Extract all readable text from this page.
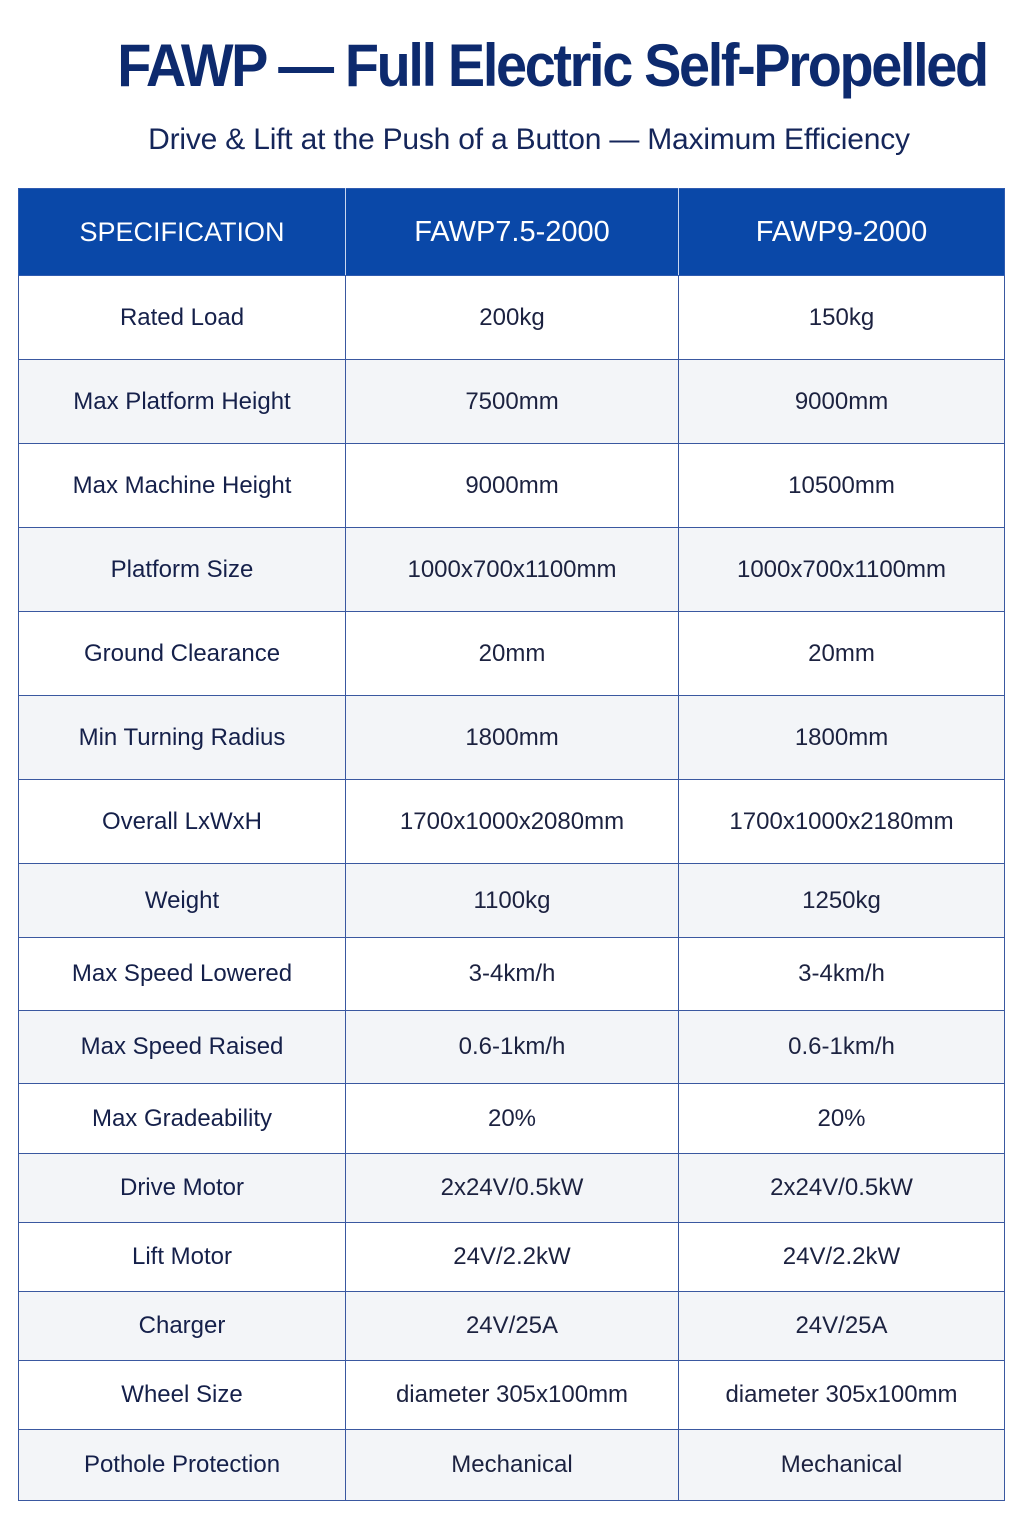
FAWP — Full Electric Self-Propelled
Drive & Lift at the Push of a Button — Maximum Efficiency
SPECIFICATION	FAWP7.5-2000	FAWP9-2000
Rated Load	200kg	150kg
Max Platform Height	7500mm	9000mm
Max Machine Height	9000mm	10500mm
Platform Size	1000x700x1100mm	1000x700x1100mm
Ground Clearance	20mm	20mm
Min Turning Radius	1800mm	1800mm
Overall LxWxH	1700x1000x2080mm	1700x1000x2180mm
Weight	1100kg	1250kg
Max Speed Lowered	3-4km/h	3-4km/h
Max Speed Raised	0.6-1km/h	0.6-1km/h
Max Gradeability	20%	20%
Drive Motor	2x24V/0.5kW	2x24V/0.5kW
Lift Motor	24V/2.2kW	24V/2.2kW
Charger	24V/25A	24V/25A
Wheel Size	diameter 305x100mm	diameter 305x100mm
Pothole Protection	Mechanical	Mechanical
